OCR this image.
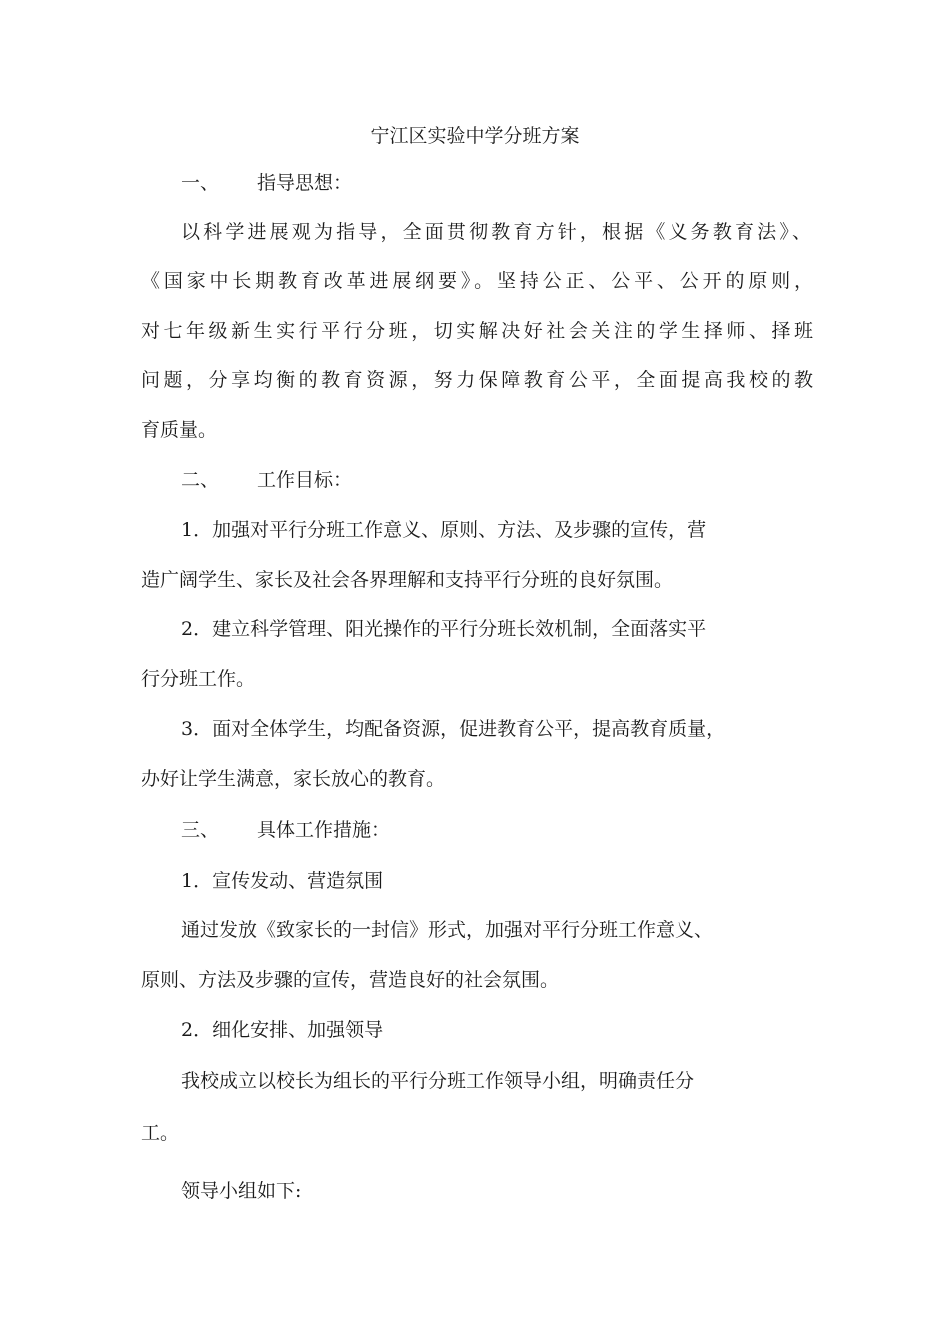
宁江区实验中学分班方案
一、 指导思想：
以科学进展观为指导，全面贯彻教育方针，根据《义务教育法》、
《国家中长期教育改革进展纲要》。坚持公正、公平、公开的原则，
对七年级新生实行平行分班，切实解决好社会关注的学生择师、择班
问题，分享均衡的教育资源，努力保障教育公平，全面提高我校的教
育质量。
二、 工作目标：
1．加强对平行分班工作意义、原则、方法、及步骤的宣传，营
造广阔学生、家长及社会各界理解和支持平行分班的良好氛围。
2．建立科学管理、阳光操作的平行分班长效机制，全面落实平
行分班工作。
3．面对全体学生，均配备资源，促进教育公平，提高教育质量，
办好让学生满意，家长放心的教育。
三、 具体工作措施：
1．宣传发动、营造氛围
通过发放《致家长的一封信》形式，加强对平行分班工作意义、
原则、方法及步骤的宣传，营造良好的社会氛围。
2．细化安排、加强领导
我校成立以校长为组长的平行分班工作领导小组，明确责任分
工。
领导小组如下:
